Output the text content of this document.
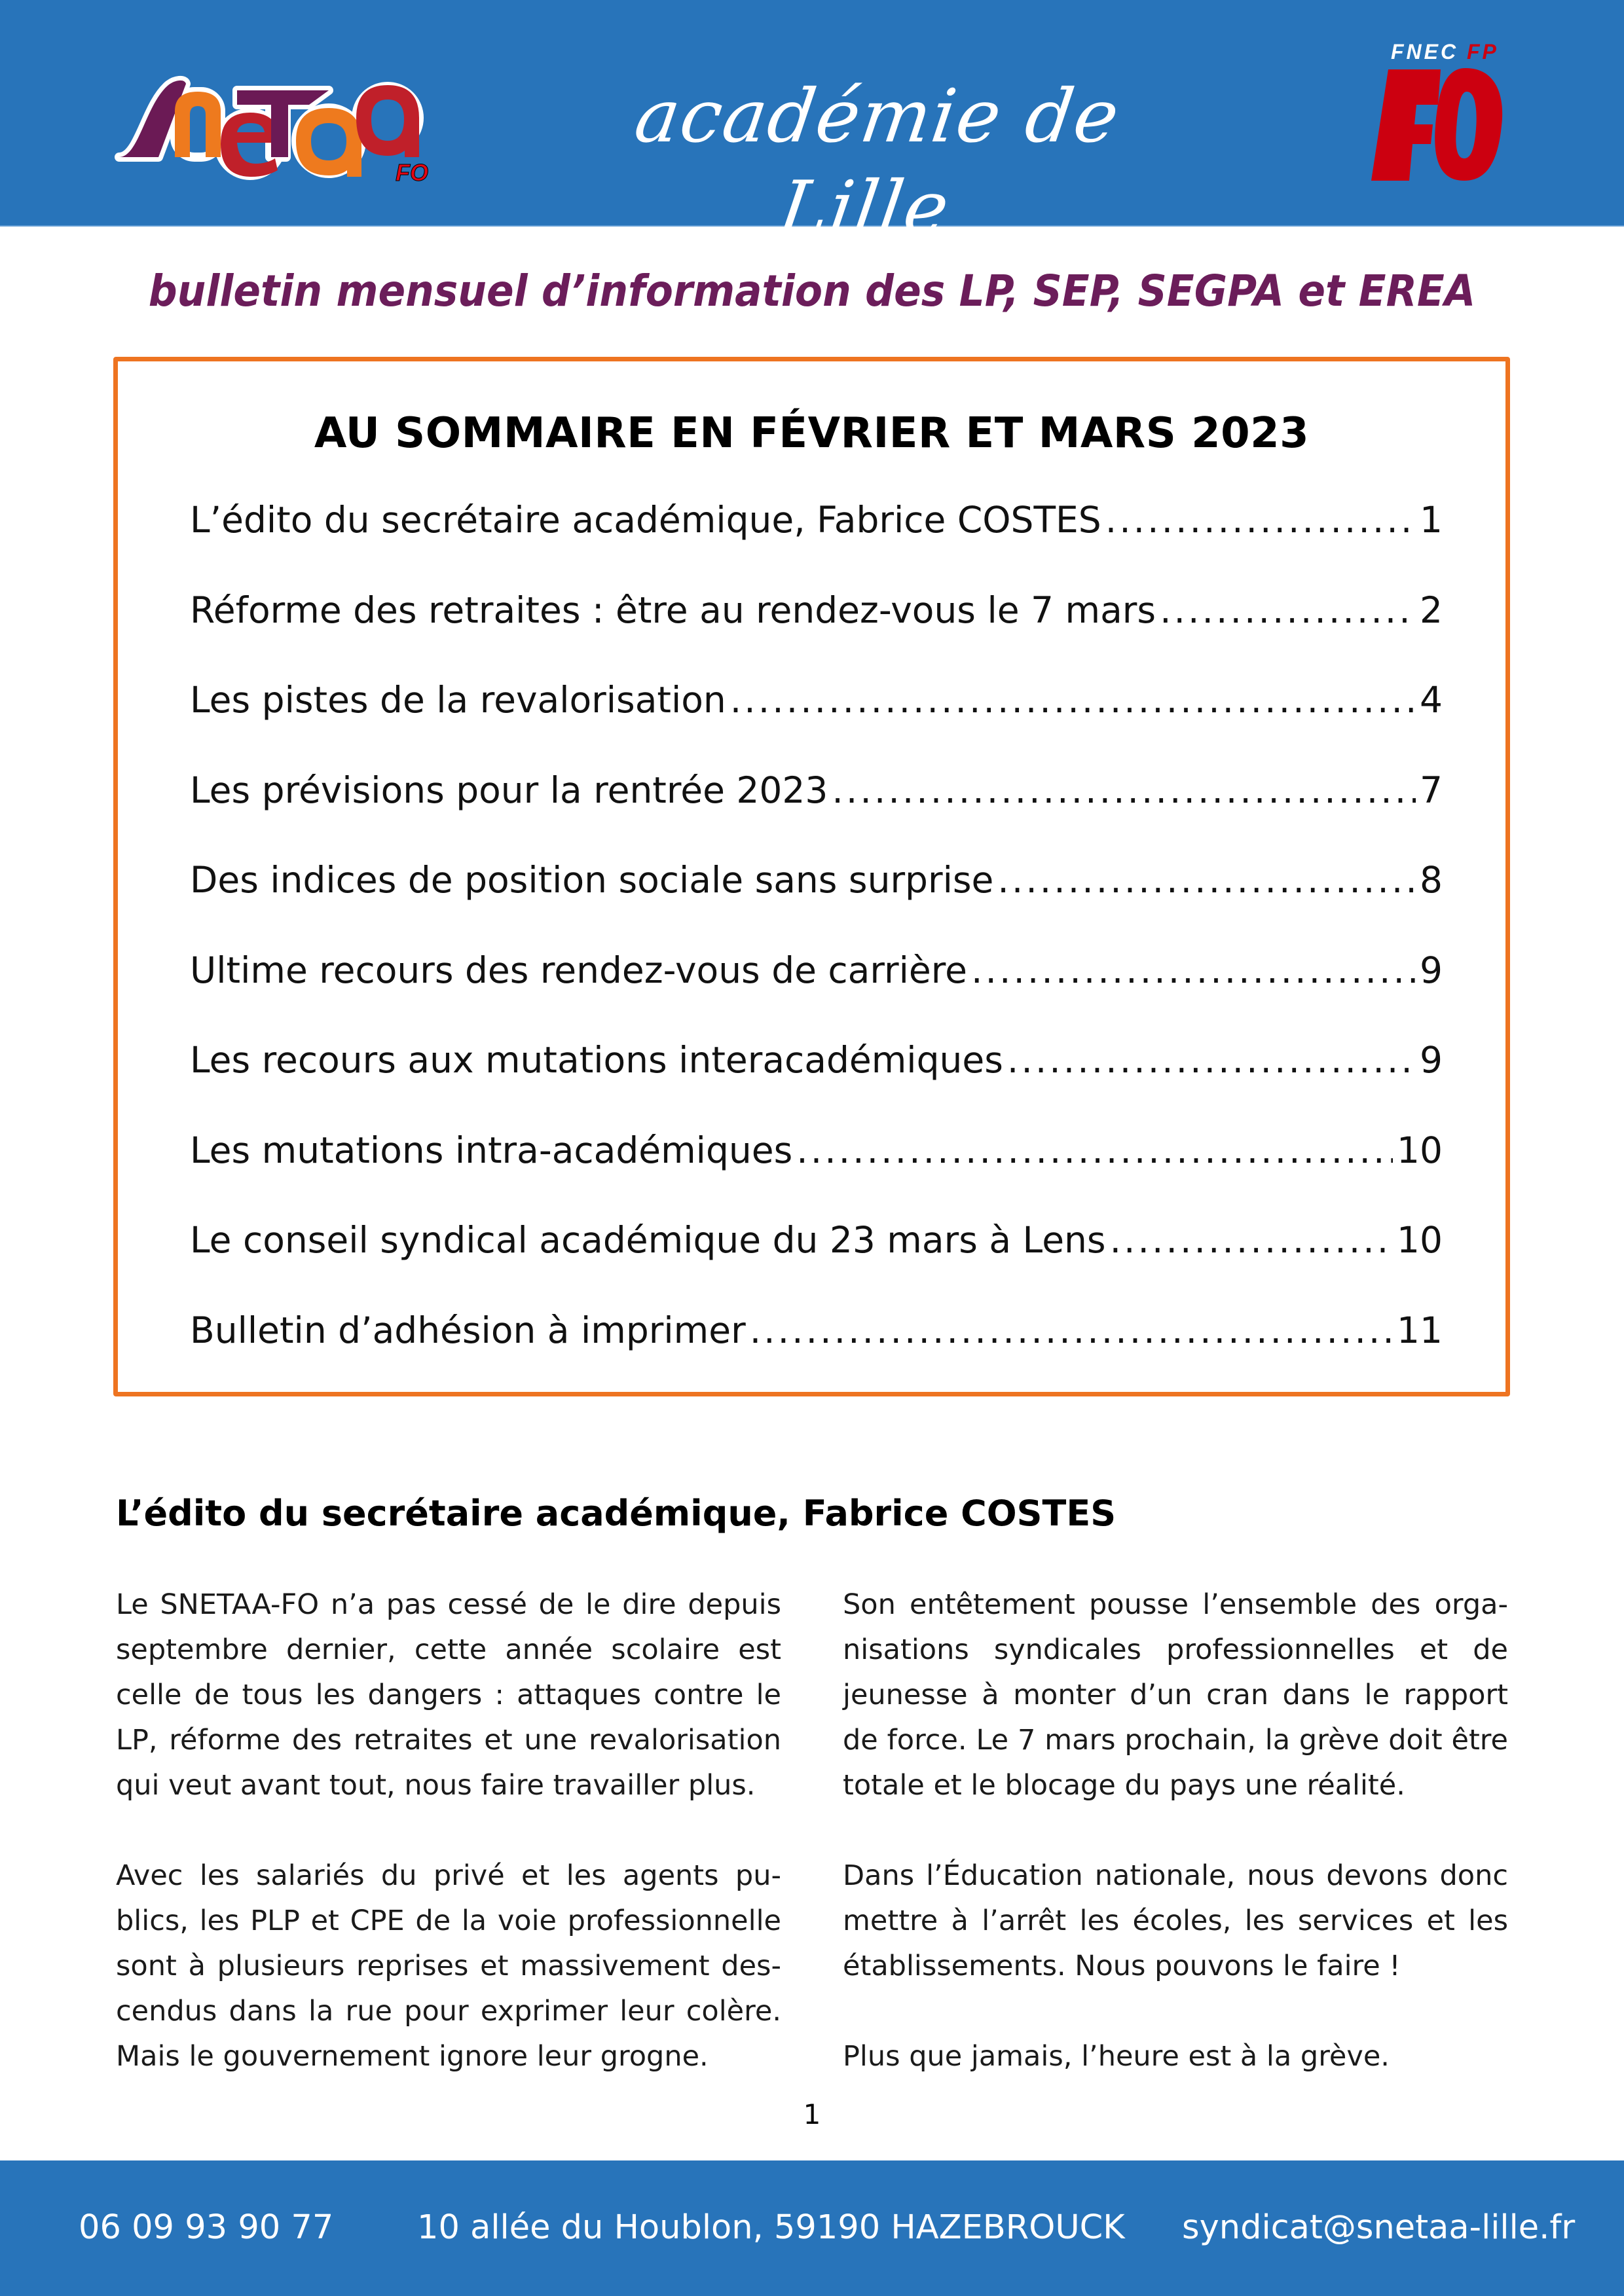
FO
académie de Lille
FNEC FP
bulletin mensuel d’information des LP, SEP, SEGPA et EREA
AU SOMMAIRE EN FÉVRIER ET MARS 2023
L’édito du secrétaire académique, Fabrice COSTES .....	1
Réforme des retraites : être au rendez-vous le 7 mars .....	2
Les pistes de la revalorisation .....	4
Les prévisions pour la rentrée 2023 .....	7
Des indices de position sociale sans surprise .....	8
Ultime recours des rendez-vous de carrière .....	9
Les recours aux mutations interacadémiques .....	9
Les mutations intra-académiques .....	10
Le conseil syndical académique du 23 mars à Lens .....	10
Bulletin d’adhésion à imprimer .....	11
L’édito du secrétaire académique, Fabrice COSTES

Le SNETAA-FO n’a pas cessé de le dire depuis septembre dernier, cette année scolaire est celle de tous les dangers : attaques contre le LP, réforme des retraites et une revalorisation qui veut avant tout, nous faire travailler plus.

Avec les salariés du privé et les agents publics, les PLP et CPE de la voie professionnelle sont à plusieurs reprises et massivement descendus dans la rue pour exprimer leur colère. Mais le gouvernement ignore leur grogne.

Son entêtement pousse l’ensemble des organisations syndicales professionnelles et de jeunesse à monter d’un cran dans le rapport de force. Le 7 mars prochain, la grève doit être totale et le blocage du pays une réalité.

Dans l’Éducation nationale, nous devons donc mettre à l’arrêt les écoles, les services et les établissements. Nous pouvons le faire !

Plus que jamais, l’heure est à la grève.

1
06 09 93 90 77	10 allée du Houblon, 59190 HAZEBROUCK syndicat@snetaa-lille.fr
